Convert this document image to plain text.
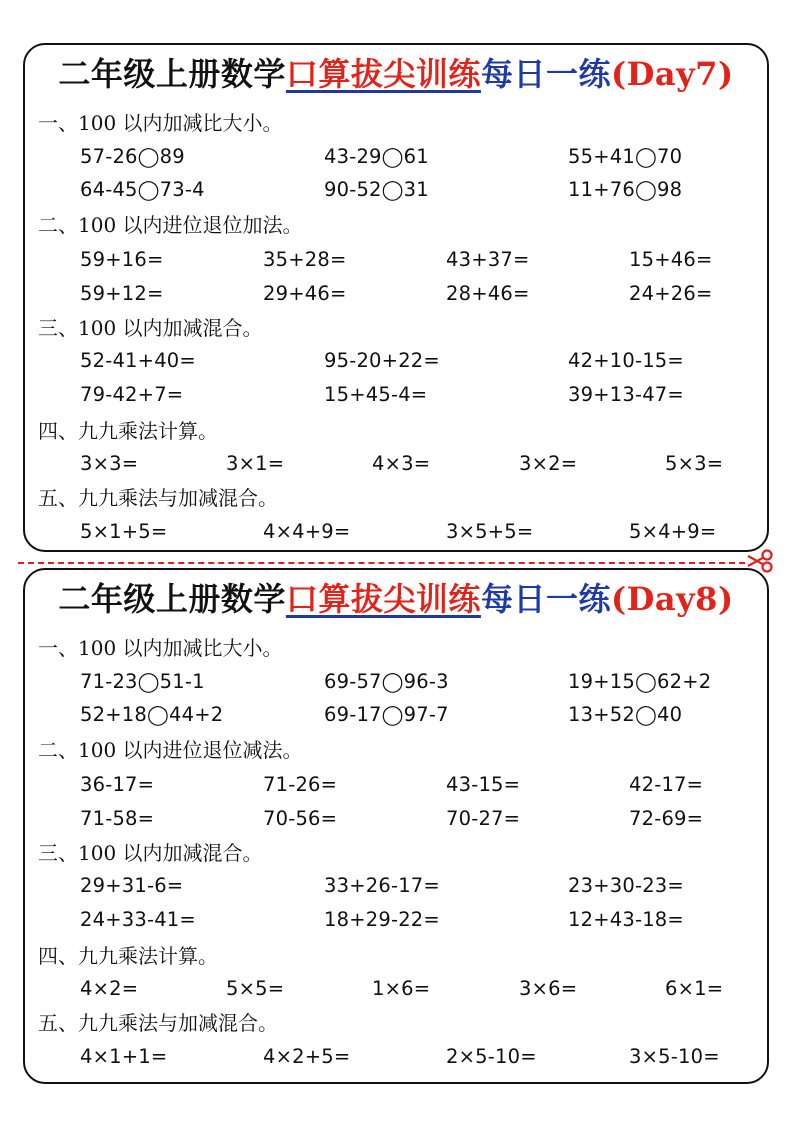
二年级上册数学口算拔尖训练每日一练(Day7)
一、100 以内加减比大小。
57-26◯89	43-29◯61	55+41◯70
64-45◯73-4	90-52◯31	11+76◯98
二、100 以内进位退位加法。
59+16=	35+28=	43+37=	15+46=
59+12=	29+46=	28+46=	24+26=
三、100 以内加减混合。
52-41+40=	95-20+22=	42+10-15=
79-42+7=	15+45-4=	39+13-47=
四、九九乘法计算。
3×3=	3×1=	4×3=	3×2=	5×3=
五、九九乘法与加减混合。
5×1+5=	4×4+9=	3×5+5=	5×4+9=
二年级上册数学口算拔尖训练每日一练(Day8)
一、100 以内加减比大小。
71-23◯51-1	69-57◯96-3	19+15◯62+2
52+18◯44+2	69-17◯97-7	13+52◯40
二、100 以内进位退位减法。
36-17=	71-26=	43-15=	42-17=
71-58=	70-56=	70-27=	72-69=
三、100 以内加减混合。
29+31-6=	33+26-17=	23+30-23=
24+33-41=	18+29-22=	12+43-18=
四、九九乘法计算。
4×2=	5×5=	1×6=	3×6=	6×1=
五、九九乘法与加减混合。
4×1+1=	4×2+5=	2×5-10=	3×5-10=
